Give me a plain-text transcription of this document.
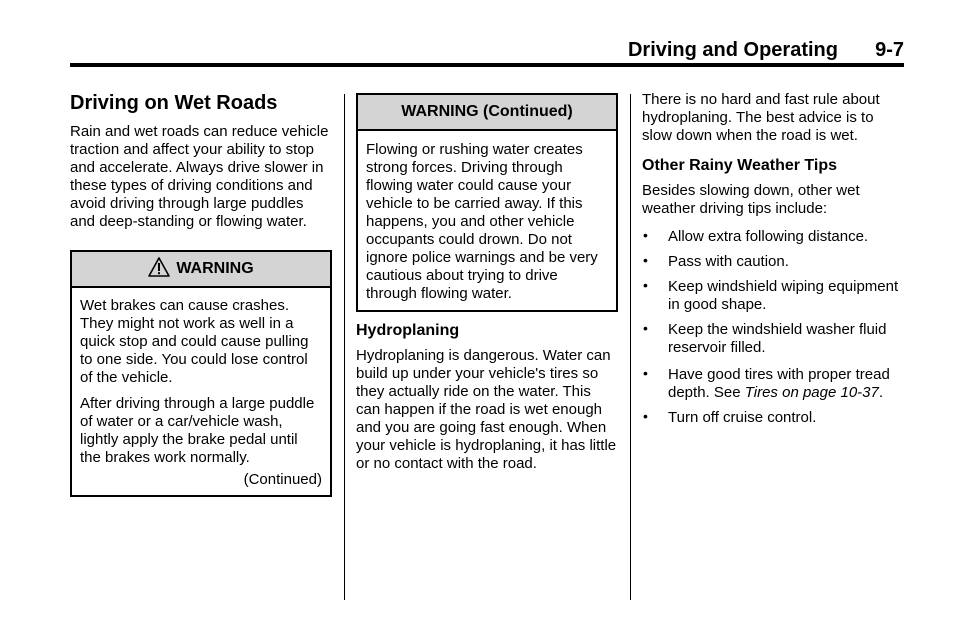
Driving and Operating 9-7
Driving on Wet Roads

Rain and wet roads can reduce vehicle traction and affect your ability to stop and accelerate. Always drive slower in these types of driving conditions and avoid driving through large puddles and deep-standing or flowing water.

WARNING

Wet brakes can cause crashes. They might not work as well in a quick stop and could cause pulling to one side. You could lose control of the vehicle.

After driving through a large puddle of water or a car/vehicle wash, lightly apply the brake pedal until the brakes work normally.

(Continued)
WARNING (Continued)

Flowing or rushing water creates strong forces. Driving through flowing water could cause your vehicle to be carried away. If this happens, you and other vehicle occupants could drown. Do not ignore police warnings and be very cautious about trying to drive through flowing water.

Hydroplaning

Hydroplaning is dangerous. Water can build up under your vehicle's tires so they actually ride on the water. This can happen if the road is wet enough and you are going fast enough. When your vehicle is hydroplaning, it has little or no contact with the road.

There is no hard and fast rule about hydroplaning. The best advice is to slow down when the road is wet.

Other Rainy Weather Tips

Besides slowing down, other wet weather driving tips include:

• Allow extra following distance.
• Pass with caution.
• Keep windshield wiping equipment in good shape.
• Keep the windshield washer fluid reservoir filled.
• Have good tires with proper tread depth. See Tires on page 10-37.
• Turn off cruise control.
